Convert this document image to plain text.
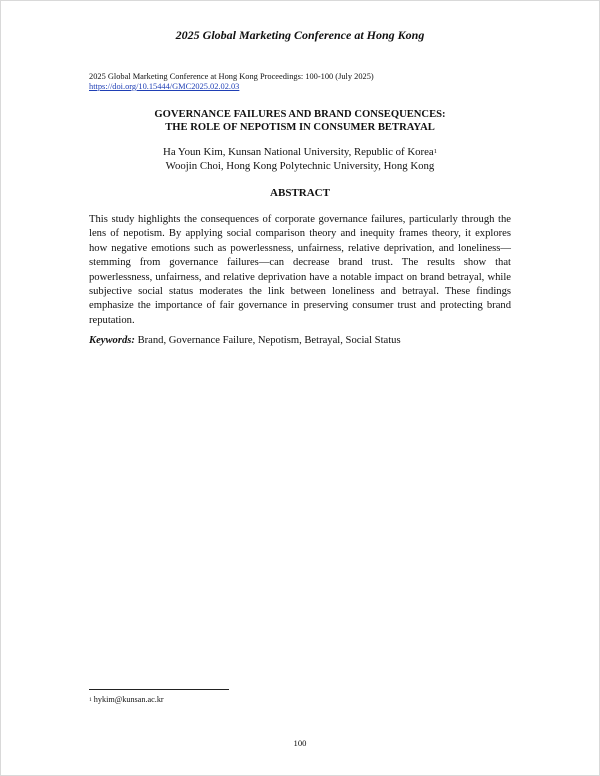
2025 Global Marketing Conference at Hong Kong
2025 Global Marketing Conference at Hong Kong Proceedings: 100-100 (July 2025)
https://doi.org/10.15444/GMC2025.02.02.03
GOVERNANCE FAILURES AND BRAND CONSEQUENCES:
THE ROLE OF NEPOTISM IN CONSUMER BETRAYAL
Ha Youn Kim, Kunsan National University, Republic of Korea$^1$
Woojin Choi, Hong Kong Polytechnic University, Hong Kong
ABSTRACT

This study highlights the consequences of corporate governance failures, particularly through the lens of nepotism. By applying social comparison theory and inequity frames theory, it explores how negative emotions such as powerlessness, unfairness, relative deprivation, and loneliness—stemming from governance failures—can decrease brand trust. The results show that powerlessness, unfairness, and relative deprivation have a notable impact on brand betrayal, while subjective social status moderates the link between loneliness and betrayal. These findings emphasize the importance of fair governance in preserving consumer trust and protecting brand reputation.

Keywords: Brand, Governance Failure, Nepotism, Betrayal, Social Status
$^1$ hykim@kunsan.ac.kr
100
